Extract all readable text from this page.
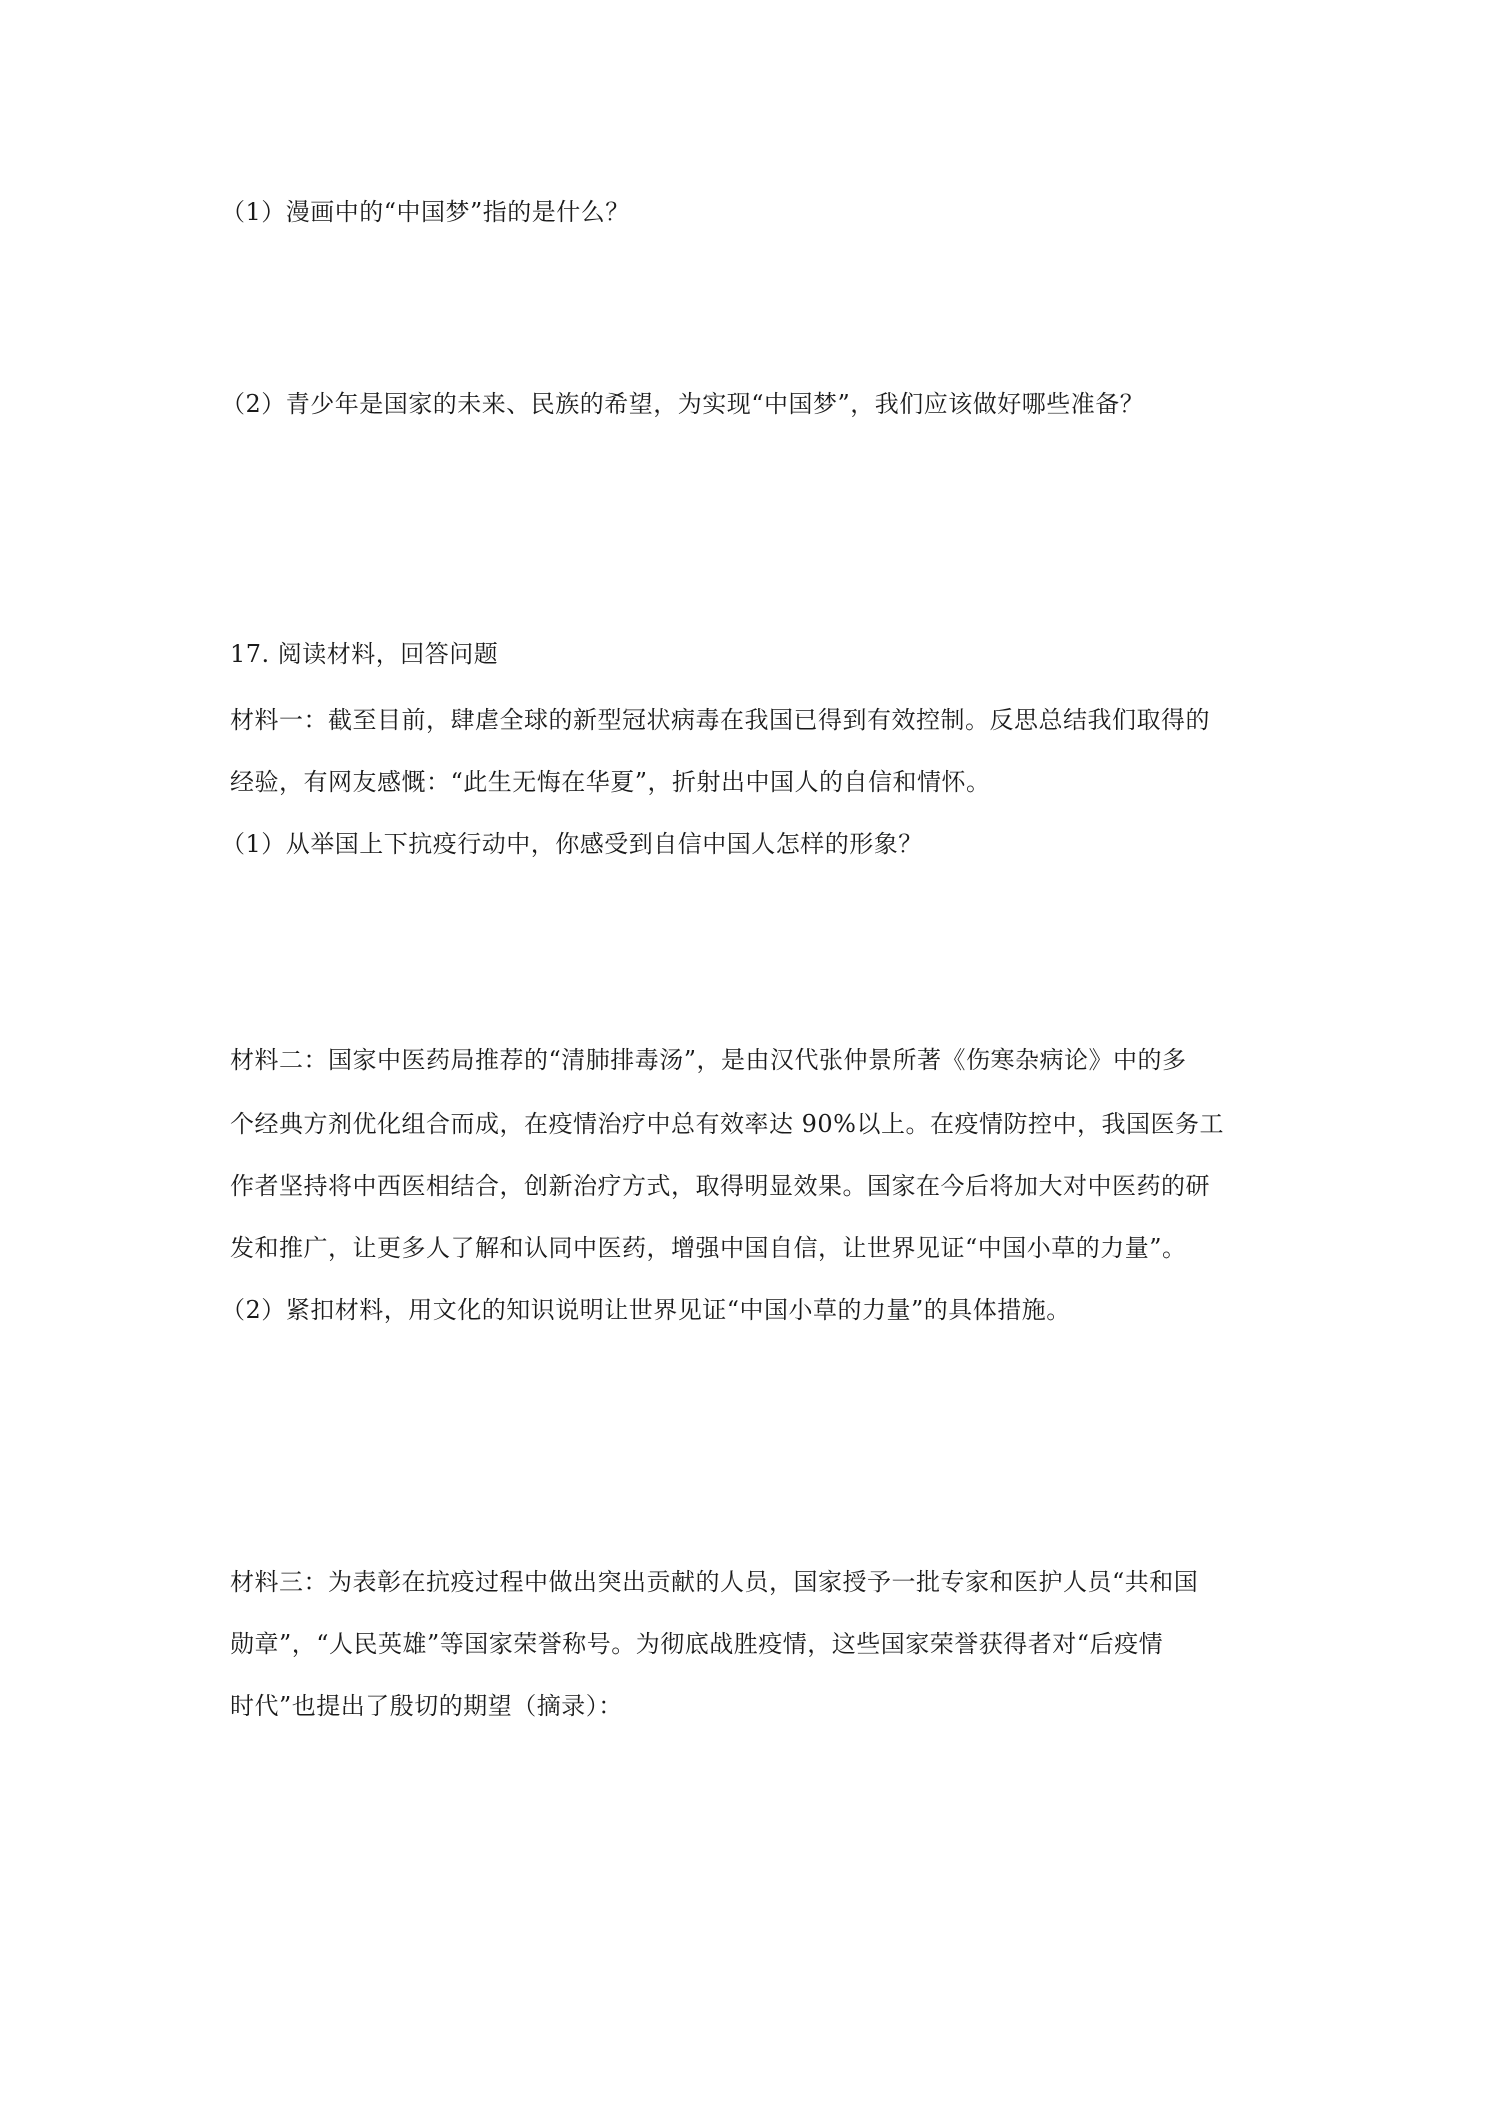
（1）漫画中的“中国梦”指的是什么？
（2）青少年是国家的未来、民族的希望，为实现“中国梦”，我们应该做好哪些准备？
17. 阅读材料，回答问题
材料一：截至目前，肆虐全球的新型冠状病毒在我国已得到有效控制。反思总结我们取得的
经验，有网友感慨：“此生无悔在华夏”，折射出中国人的自信和情怀。
（1）从举国上下抗疫行动中，你感受到自信中国人怎样的形象？
材料二：国家中医药局推荐的“清肺排毒汤”，是由汉代张仲景所著《伤寒杂病论》中的多
个经典方剂优化组合而成，在疫情治疗中总有效率达 90%以上。在疫情防控中，我国医务工
作者坚持将中西医相结合，创新治疗方式，取得明显效果。国家在今后将加大对中医药的研
发和推广，让更多人了解和认同中医药，增强中国自信，让世界见证“中国小草的力量”。
（2）紧扣材料，用文化的知识说明让世界见证“中国小草的力量”的具体措施。
材料三：为表彰在抗疫过程中做出突出贡献的人员，国家授予一批专家和医护人员“共和国
勋章”，“人民英雄”等国家荣誉称号。为彻底战胜疫情，这些国家荣誉获得者对“后疫情
时代”也提出了殷切的期望（摘录）：
